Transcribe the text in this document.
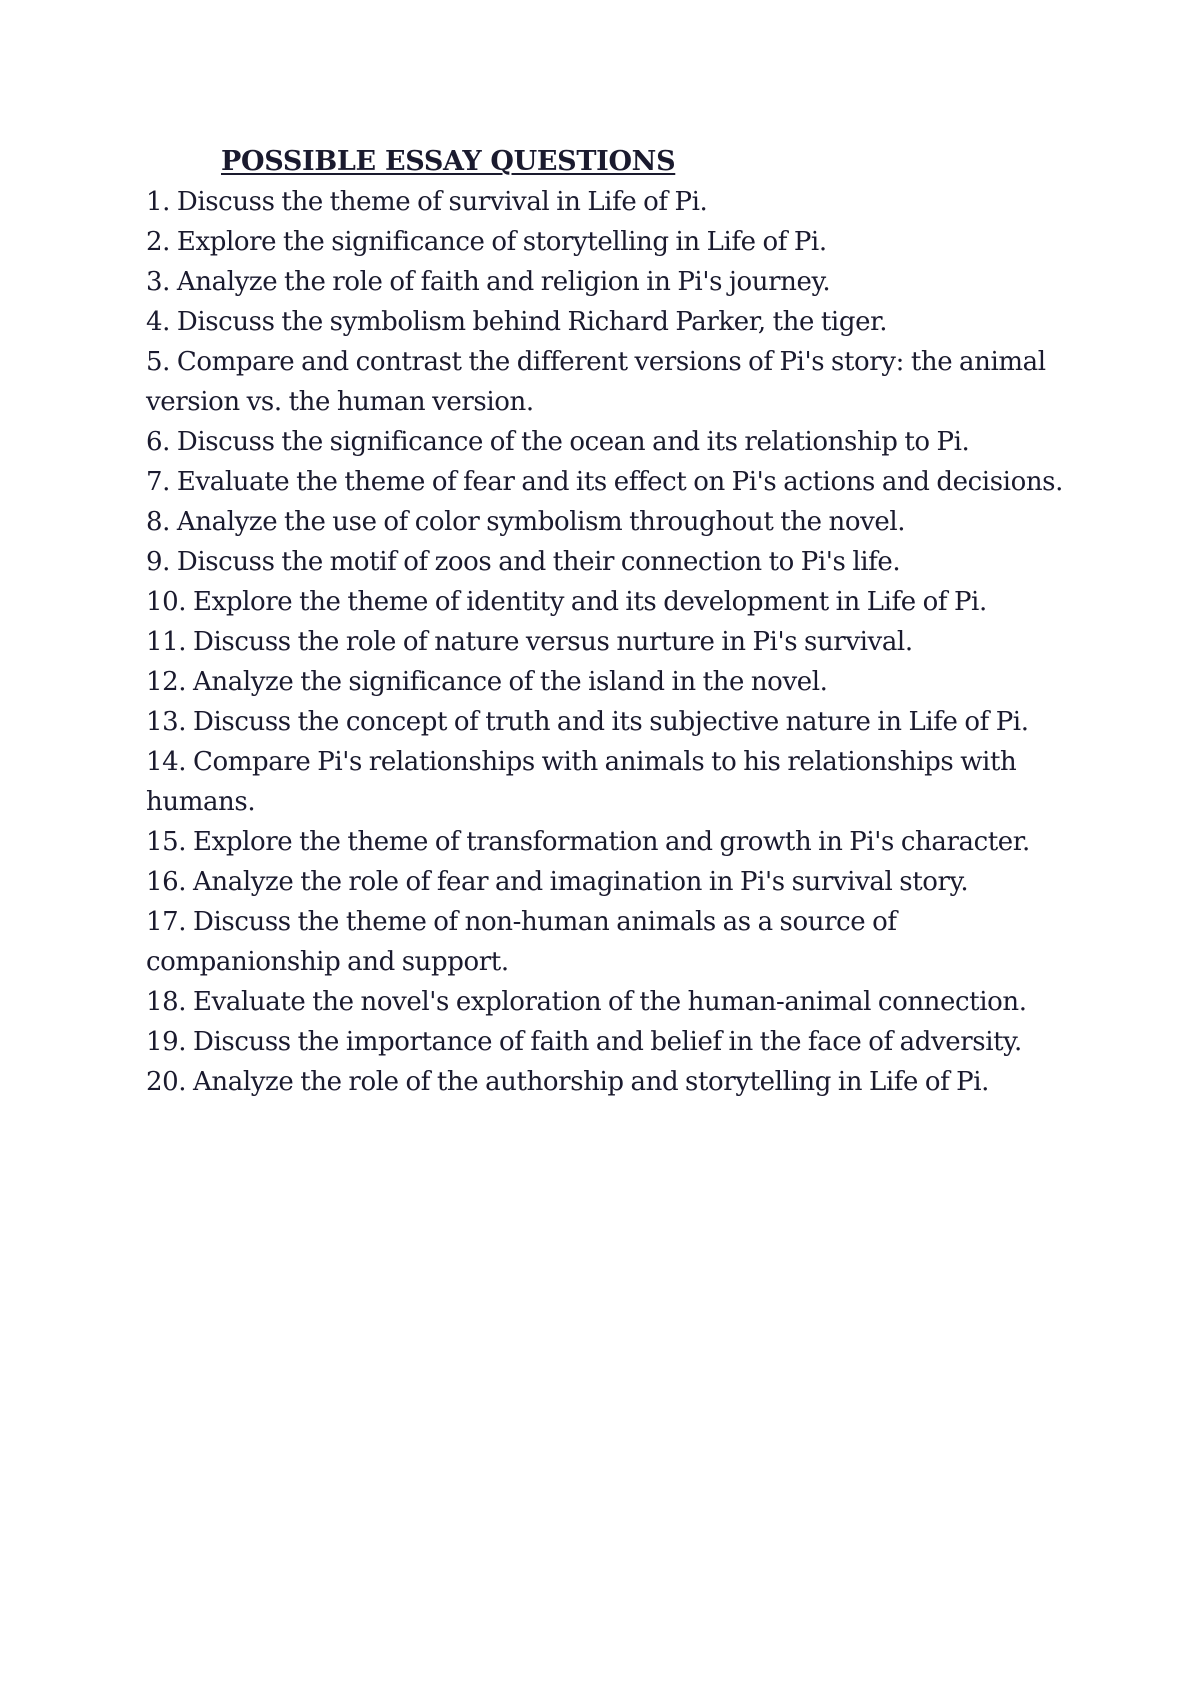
POSSIBLE ESSAY QUESTIONS
1. Discuss the theme of survival in Life of Pi.
2. Explore the significance of storytelling in Life of Pi.
3. Analyze the role of faith and religion in Pi's journey.
4. Discuss the symbolism behind Richard Parker, the tiger.
5. Compare and contrast the different versions of Pi's story: the animal version vs. the human version.
6. Discuss the significance of the ocean and its relationship to Pi.
7. Evaluate the theme of fear and its effect on Pi's actions and decisions.
8. Analyze the use of color symbolism throughout the novel.
9. Discuss the motif of zoos and their connection to Pi's life.
10. Explore the theme of identity and its development in Life of Pi.
11. Discuss the role of nature versus nurture in Pi's survival.
12. Analyze the significance of the island in the novel.
13. Discuss the concept of truth and its subjective nature in Life of Pi.
14. Compare Pi's relationships with animals to his relationships with humans.
15. Explore the theme of transformation and growth in Pi's character.
16. Analyze the role of fear and imagination in Pi's survival story.
17. Discuss the theme of non-human animals as a source of companionship and support.
18. Evaluate the novel's exploration of the human-animal connection.
19. Discuss the importance of faith and belief in the face of adversity.
20. Analyze the role of the authorship and storytelling in Life of Pi.
